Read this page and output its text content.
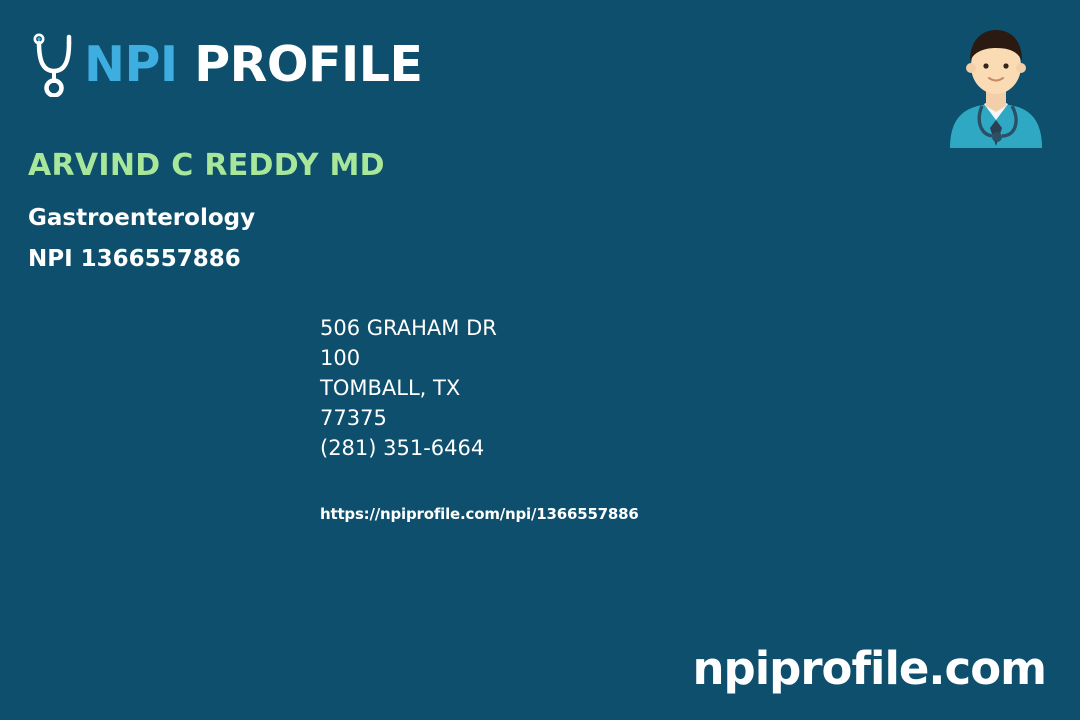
NPI PROFILE
ARVIND C REDDY MD
Gastroenterology
NPI 1366557886
506 GRAHAM DR
100
TOMBALL, TX
77375
(281) 351-6464
https://npiprofile.com/npi/1366557886
npiprofile.com
